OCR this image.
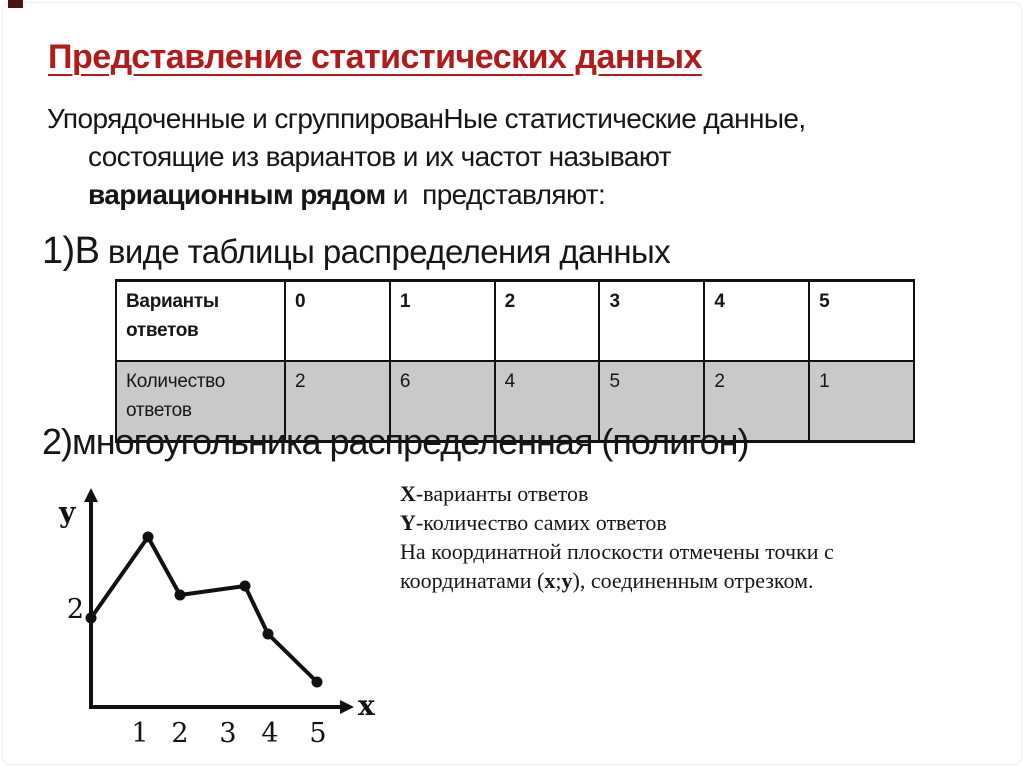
Представление статистических данных
Упорядоченные и сгруппированНые статистические данные,
состоящие из вариантов и их частот называют
вариационным рядом и  представляют:
1)В виде таблицы распределения данных
Варианты ответов	0	1	2	3	4	5
Количество ответов	2	6	4	5	2	1
2)многоугольника распределенная (полигон)
y
x
2
1 2 3 4 5

X-варианты ответов

Y-количество самих ответов

На координатной плоскости отмечены точки с координатами (x;y), соединенным отрезком.
